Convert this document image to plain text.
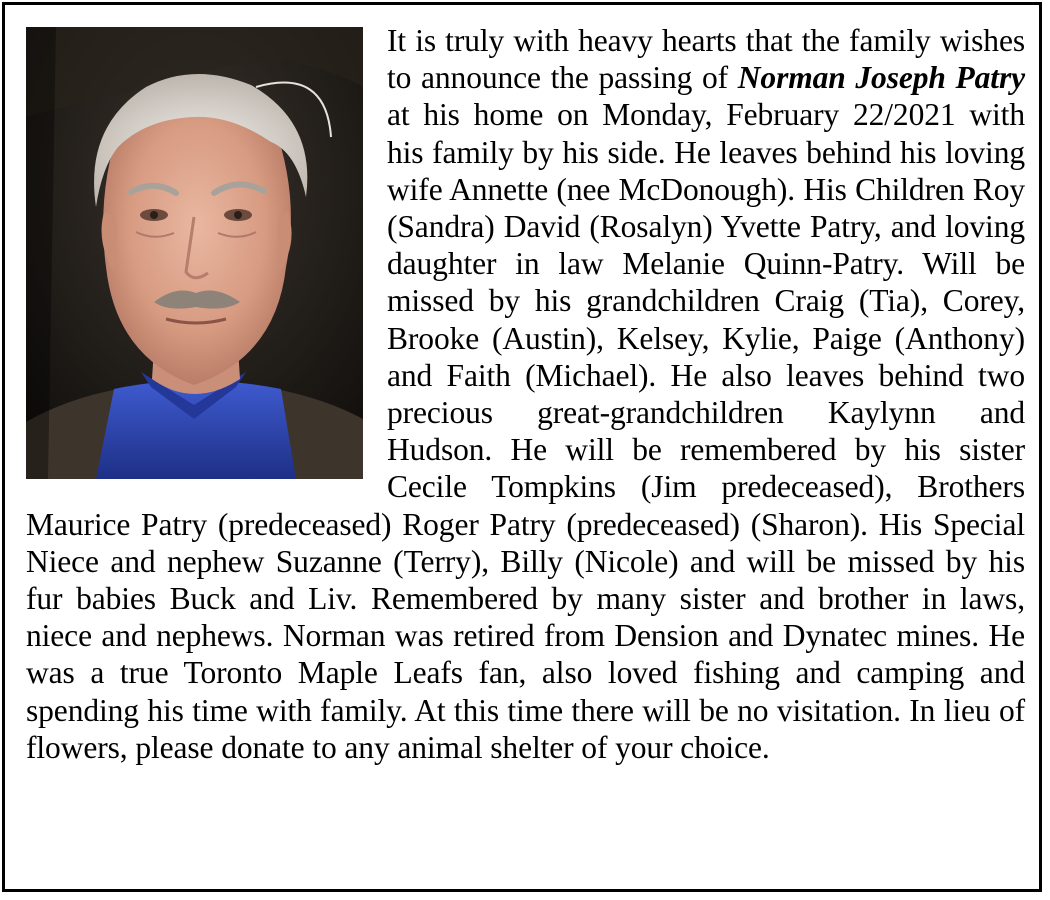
It is truly with heavy hearts that the family wishes to announce the passing of Norman Joseph Patry at his home on Monday, February 22/2021 with his family by his side. He leaves behind his loving wife Annette (nee McDonough). His Children Roy (Sandra) David (Rosalyn) Yvette Patry, and loving daughter in law Melanie Quinn-Patry. Will be missed by his grandchildren Craig (Tia), Corey, Brooke (Austin), Kelsey, Kylie, Paige (Anthony) and Faith (Michael). He also leaves behind two precious great-grandchildren Kaylynn and Hudson. He will be remembered by his sister Cecile Tompkins (Jim predeceased), Brothers Maurice Patry (predeceased) Roger Patry (predeceased) (Sharon). His Special Niece and nephew Suzanne (Terry), Billy (Nicole) and will be missed by his fur babies Buck and Liv. Remembered by many sister and brother in laws, niece and nephews. Norman was retired from Dension and Dynatec mines. He was a true Toronto Maple Leafs fan, also loved fishing and camping and spending his time with family. At this time there will be no visitation. In lieu of flowers, please donate to any animal shelter of your choice.
